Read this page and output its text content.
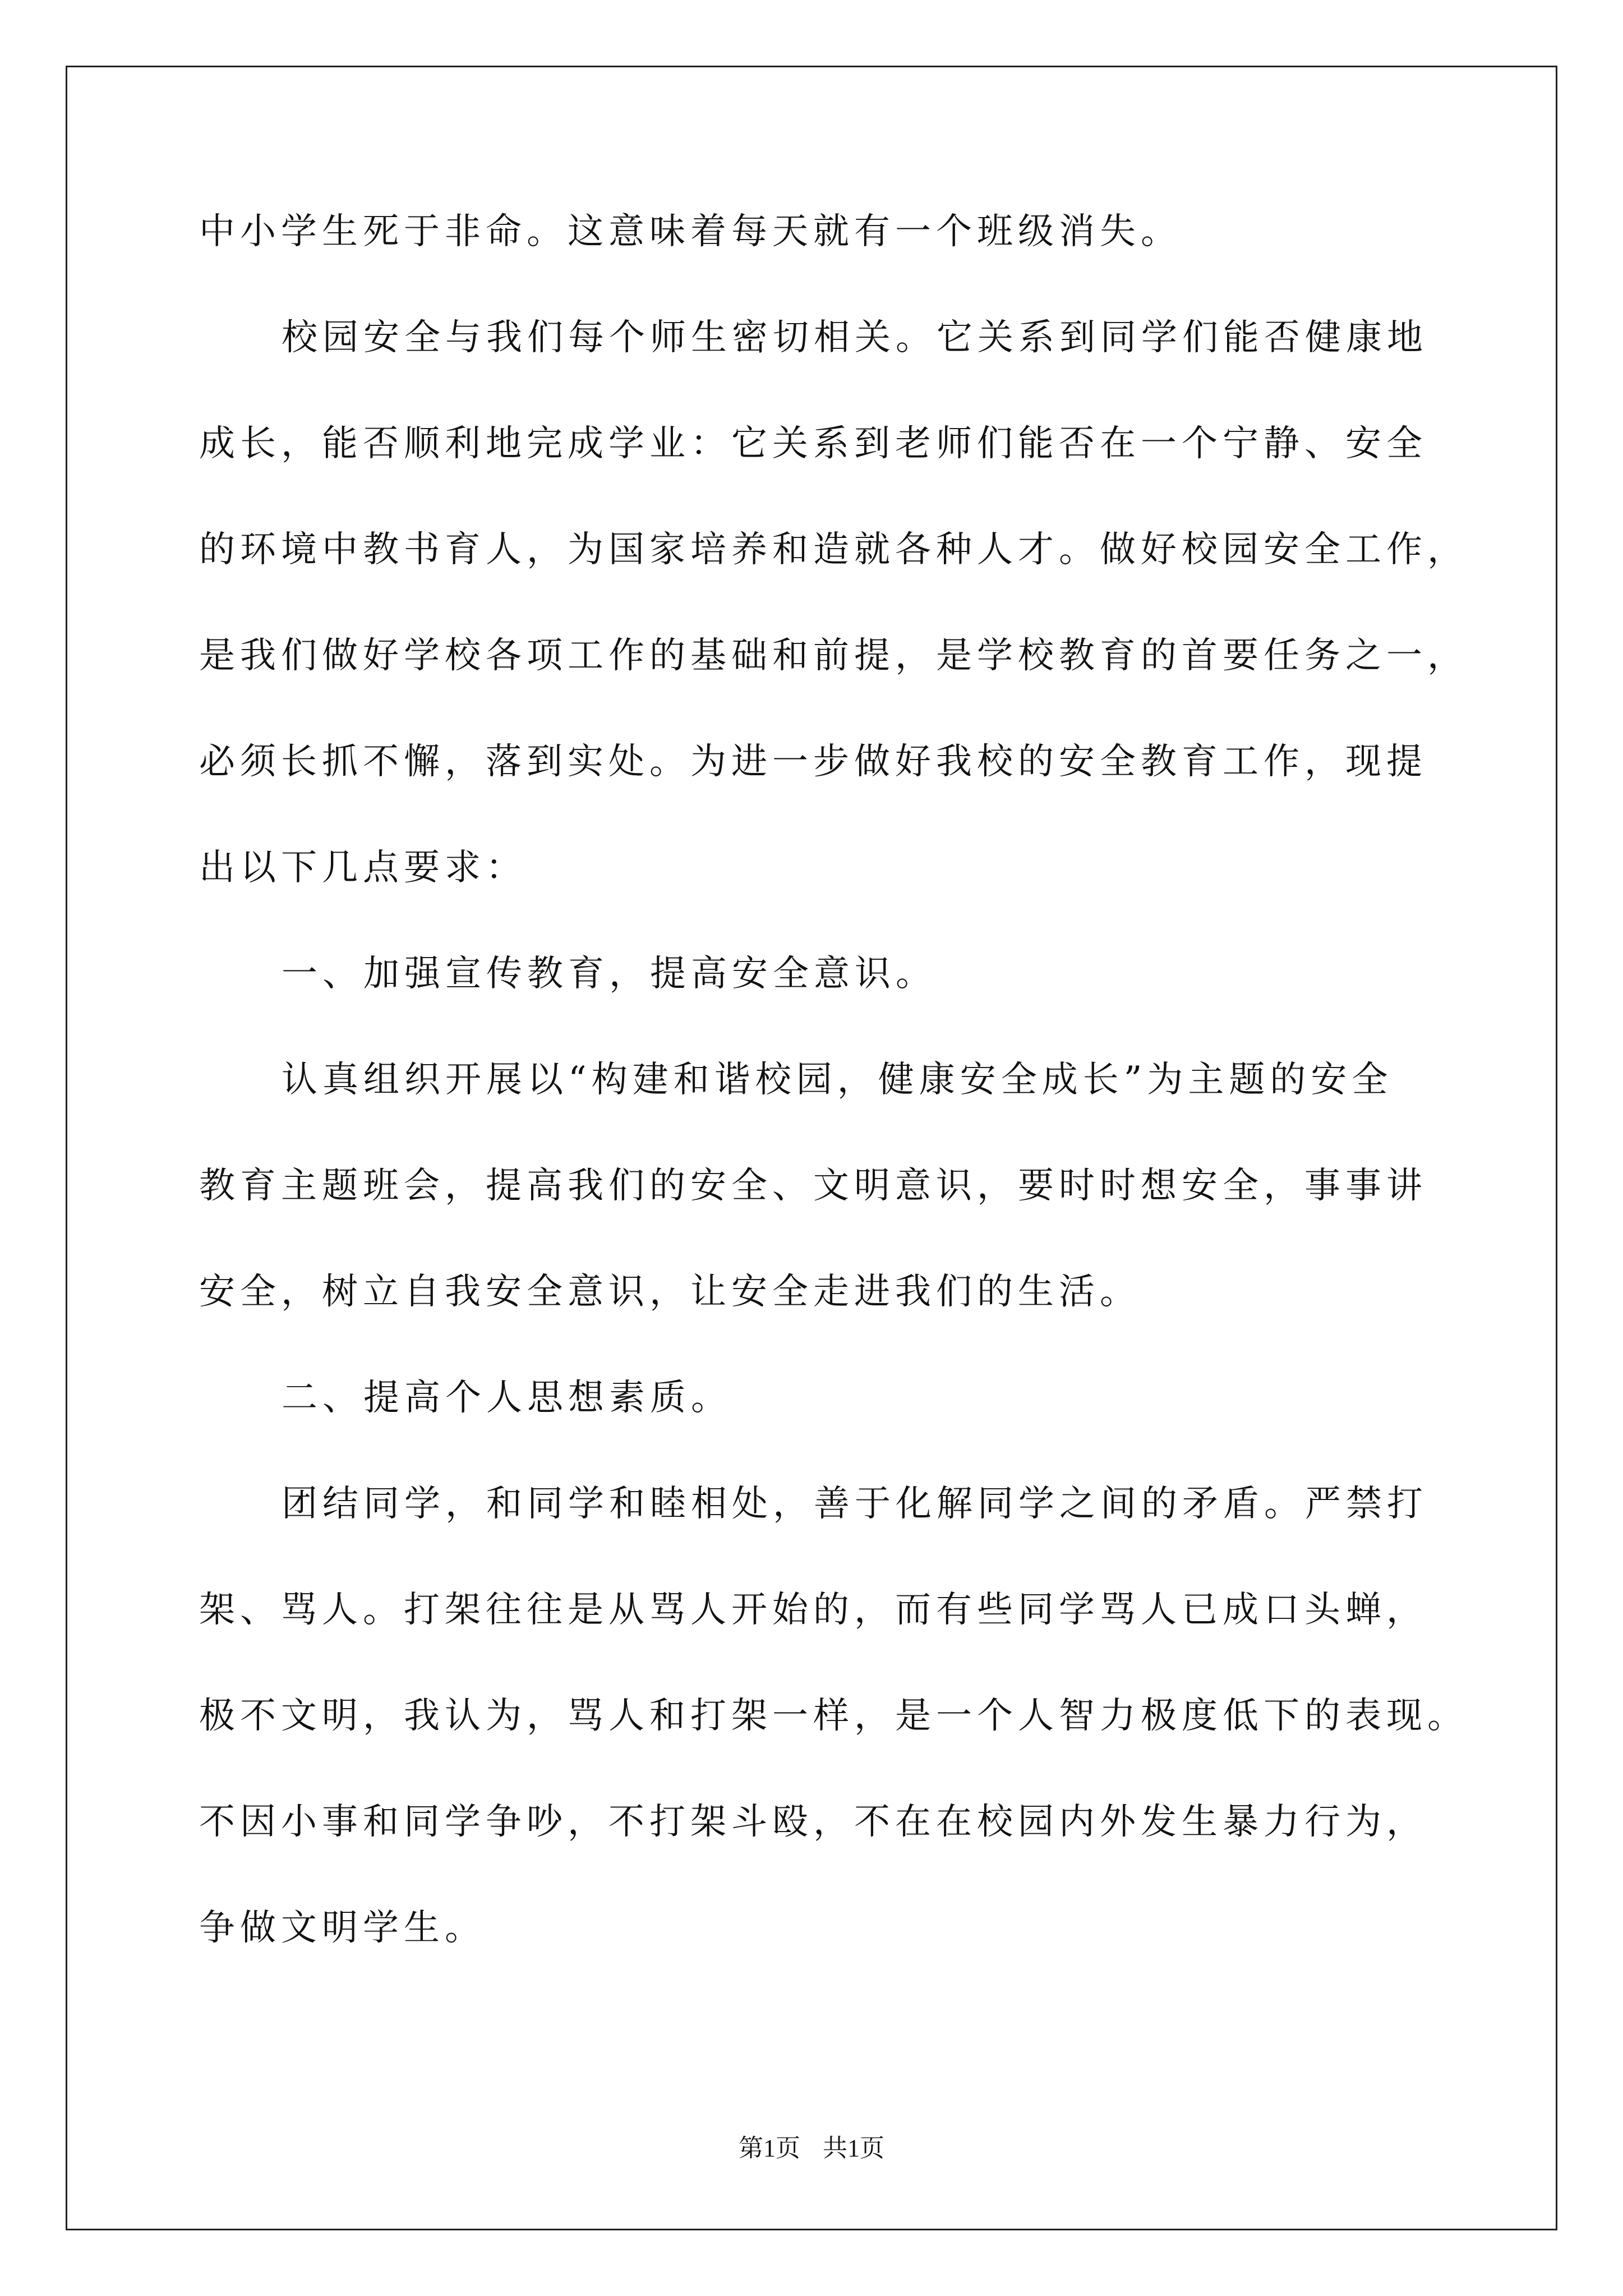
中小学生死于非命。这意味着每天就有一个班级消失。

校园安全与我们每个师生密切相关。它关系到同学们能否健康地

成长，能否顺利地完成学业：它关系到老师们能否在一个宁静、安全

的环境中教书育人，为国家培养和造就各种人才。做好校园安全工作，

是我们做好学校各项工作的基础和前提，是学校教育的首要任务之一，

必须长抓不懈，落到实处。为进一步做好我校的安全教育工作，现提

出以下几点要求：

一、加强宣传教育，提高安全意识。

认真组织开展以“构建和谐校园，健康安全成长”为主题的安全

教育主题班会，提高我们的安全、文明意识，要时时想安全，事事讲

安全，树立自我安全意识，让安全走进我们的生活。

二、提高个人思想素质。

团结同学，和同学和睦相处，善于化解同学之间的矛盾。严禁打

架、骂人。打架往往是从骂人开始的，而有些同学骂人已成口头蝉，

极不文明，我认为，骂人和打架一样，是一个人智力极度低下的表现。

不因小事和同学争吵，不打架斗殴，不在在校园内外发生暴力行为，

争做文明学生。

第1页 共1页
